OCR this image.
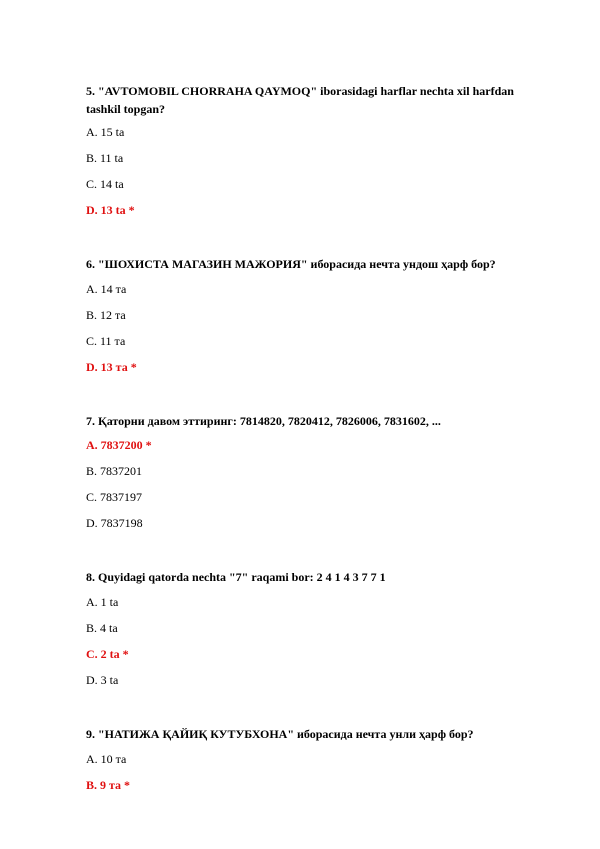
5. "AVTOMOBIL CHORRAHA QAYMOQ" iborasidagi harflar nechta xil harfdan tashkil topgan?
A. 15 ta
B. 11 ta
C. 14 ta
D. 13 ta *
6. "ШОХИСТА МАГАЗИН МАЖОРИЯ" иборасида нечта ундош ҳарф бор?
A. 14 та
B. 12 та
C. 11 та
D. 13 та *
7. Қаторни давом эттиринг: 7814820, 7820412, 7826006, 7831602, ...
A. 7837200 *
B. 7837201
C. 7837197
D. 7837198
8. Quyidagi qatorda nechta "7" raqami bor: 2 4 1 4 3 7 7 1
A. 1 ta
B. 4 ta
C. 2 ta *
D. 3 ta
9. "НАТИЖА ҚАЙИҚ КУТУБХОНА" иборасида нечта унли ҳарф бор?
A. 10 та
B. 9 та *
